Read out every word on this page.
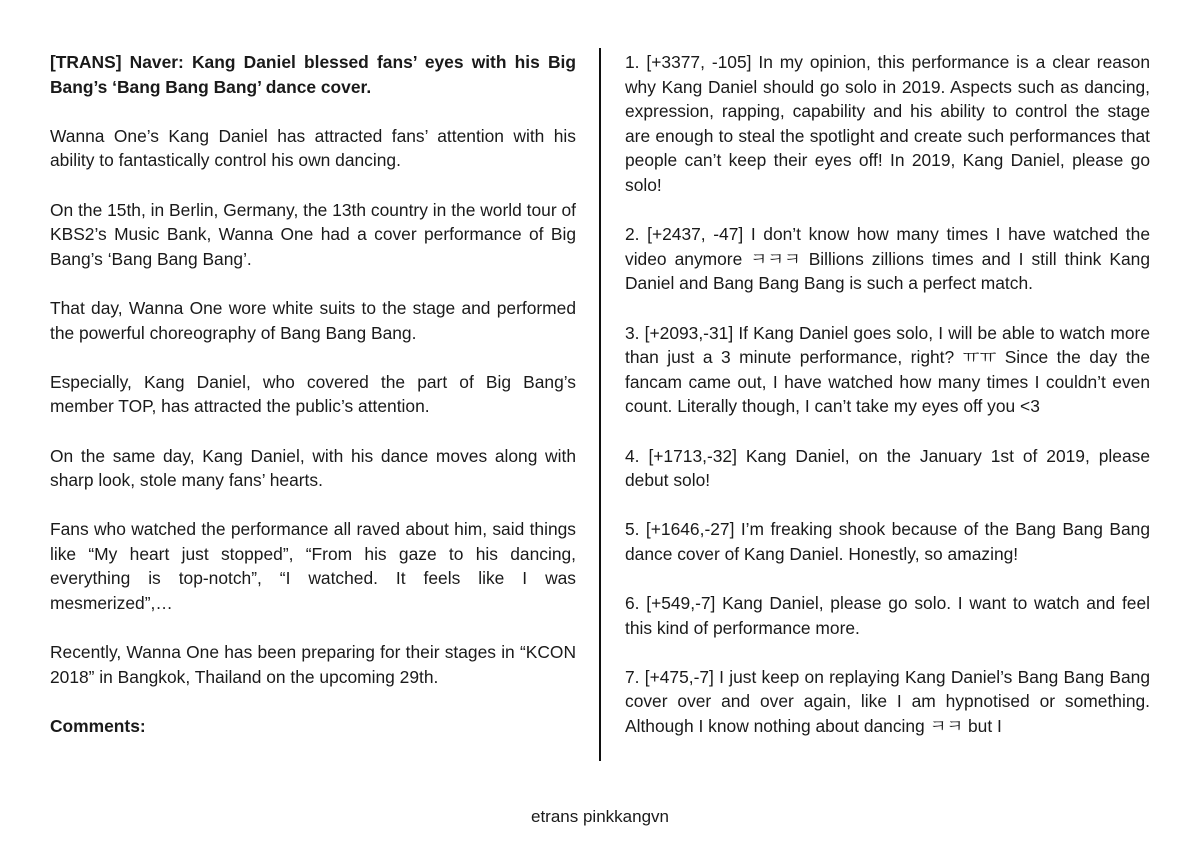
[TRANS] Naver: Kang Daniel blessed fans’ eyes with his Big Bang’s ‘Bang Bang Bang’ dance cover.

Wanna One’s Kang Daniel has attracted fans’ attention with his ability to fantastically control his own dancing.

On the 15th, in Berlin, Germany, the 13th country in the world tour of KBS2’s Music Bank, Wanna One had a cover performance of Big Bang’s ‘Bang Bang Bang’.

That day, Wanna One wore white suits to the stage and performed the powerful choreography of Bang Bang Bang.

Especially, Kang Daniel, who covered the part of Big Bang’s member TOP, has attracted the public’s attention.

On the same day, Kang Daniel, with his dance moves along with sharp look, stole many fans’ hearts.

Fans who watched the performance all raved about him, said things like “My heart just stopped”, “From his gaze to his dancing, everything is top-notch”, “I watched. It feels like I was mesmerized”,…

Recently, Wanna One has been preparing for their stages in “KCON 2018” in Bangkok, Thailand on the upcoming 29th.

Comments:

1. [+3377, -105] In my opinion, this performance is a clear reason why Kang Daniel should go solo in 2019. Aspects such as dancing, expression, rapping, capability and his ability to control the stage are enough to steal the spotlight and create such performances that people can’t keep their eyes off! In 2019, Kang Daniel, please go solo!

2. [+2437, -47] I don’t know how many times I have watched the video anymore ㅋㅋㅋ Billions zillions times and I still think Kang Daniel and Bang Bang Bang is such a perfect match.

3. [+2093,-31] If Kang Daniel goes solo, I will be able to watch more than just a 3 minute performance, right? ㅠㅠ Since the day the fancam came out, I have watched how many times I couldn’t even count. Literally though, I can’t take my eyes off you <3

4. [+1713,-32] Kang Daniel, on the January 1st of 2019, please debut solo!

5. [+1646,-27] I’m freaking shook because of the Bang Bang Bang dance cover of Kang Daniel. Honestly, so amazing!

6. [+549,-7] Kang Daniel, please go solo. I want to watch and feel this kind of performance more.

7. [+475,-7] I just keep on replaying Kang Daniel’s Bang Bang Bang cover over and over again, like I am hypnotised or something. Although I know nothing about dancing ㅋㅋ but I

etrans pinkkangvn
